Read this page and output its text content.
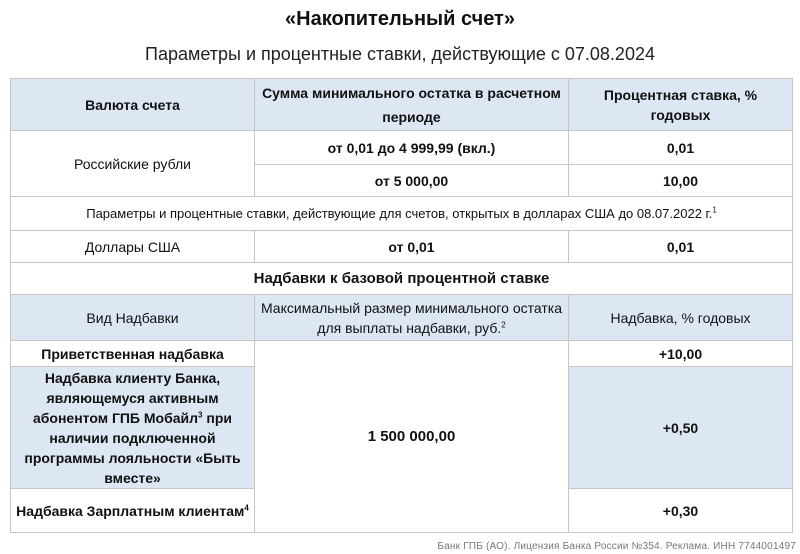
«Накопительный счет»
Параметры и процентные ставки, действующие с 07.08.2024
Валюта счета	Сумма минимального остатка в расчетном периоде	Процентная ставка, % годовых
Российские рубли	от 0,01 до 4 999,99 (вкл.)	0,01
	от 5 000,00	10,00
Параметры и процентные ставки, действующие для счетов, открытых в долларах США до 08.07.2022 г.$^1$
Доллары США	от 0,01	0,01
Надбавки к базовой процентной ставке		
Вид Надбавки	Максимальный размер минимального остатка для выплаты надбавки, руб.$^2$	Надбавка, % годовых
Приветственная надбавка	1 500 000,00	+10,00
Надбавка клиенту Банка, являющемуся активным абонентом ГПБ Мобайл$^3$ при наличии подключенной программы лояльности «Быть вместе»		+0,50
Надбавка Зарплатным клиентам$^4$		+0,30
Банк ГПБ (АО). Лицензия Банка России №354. Реклама. ИНН 7744001497
